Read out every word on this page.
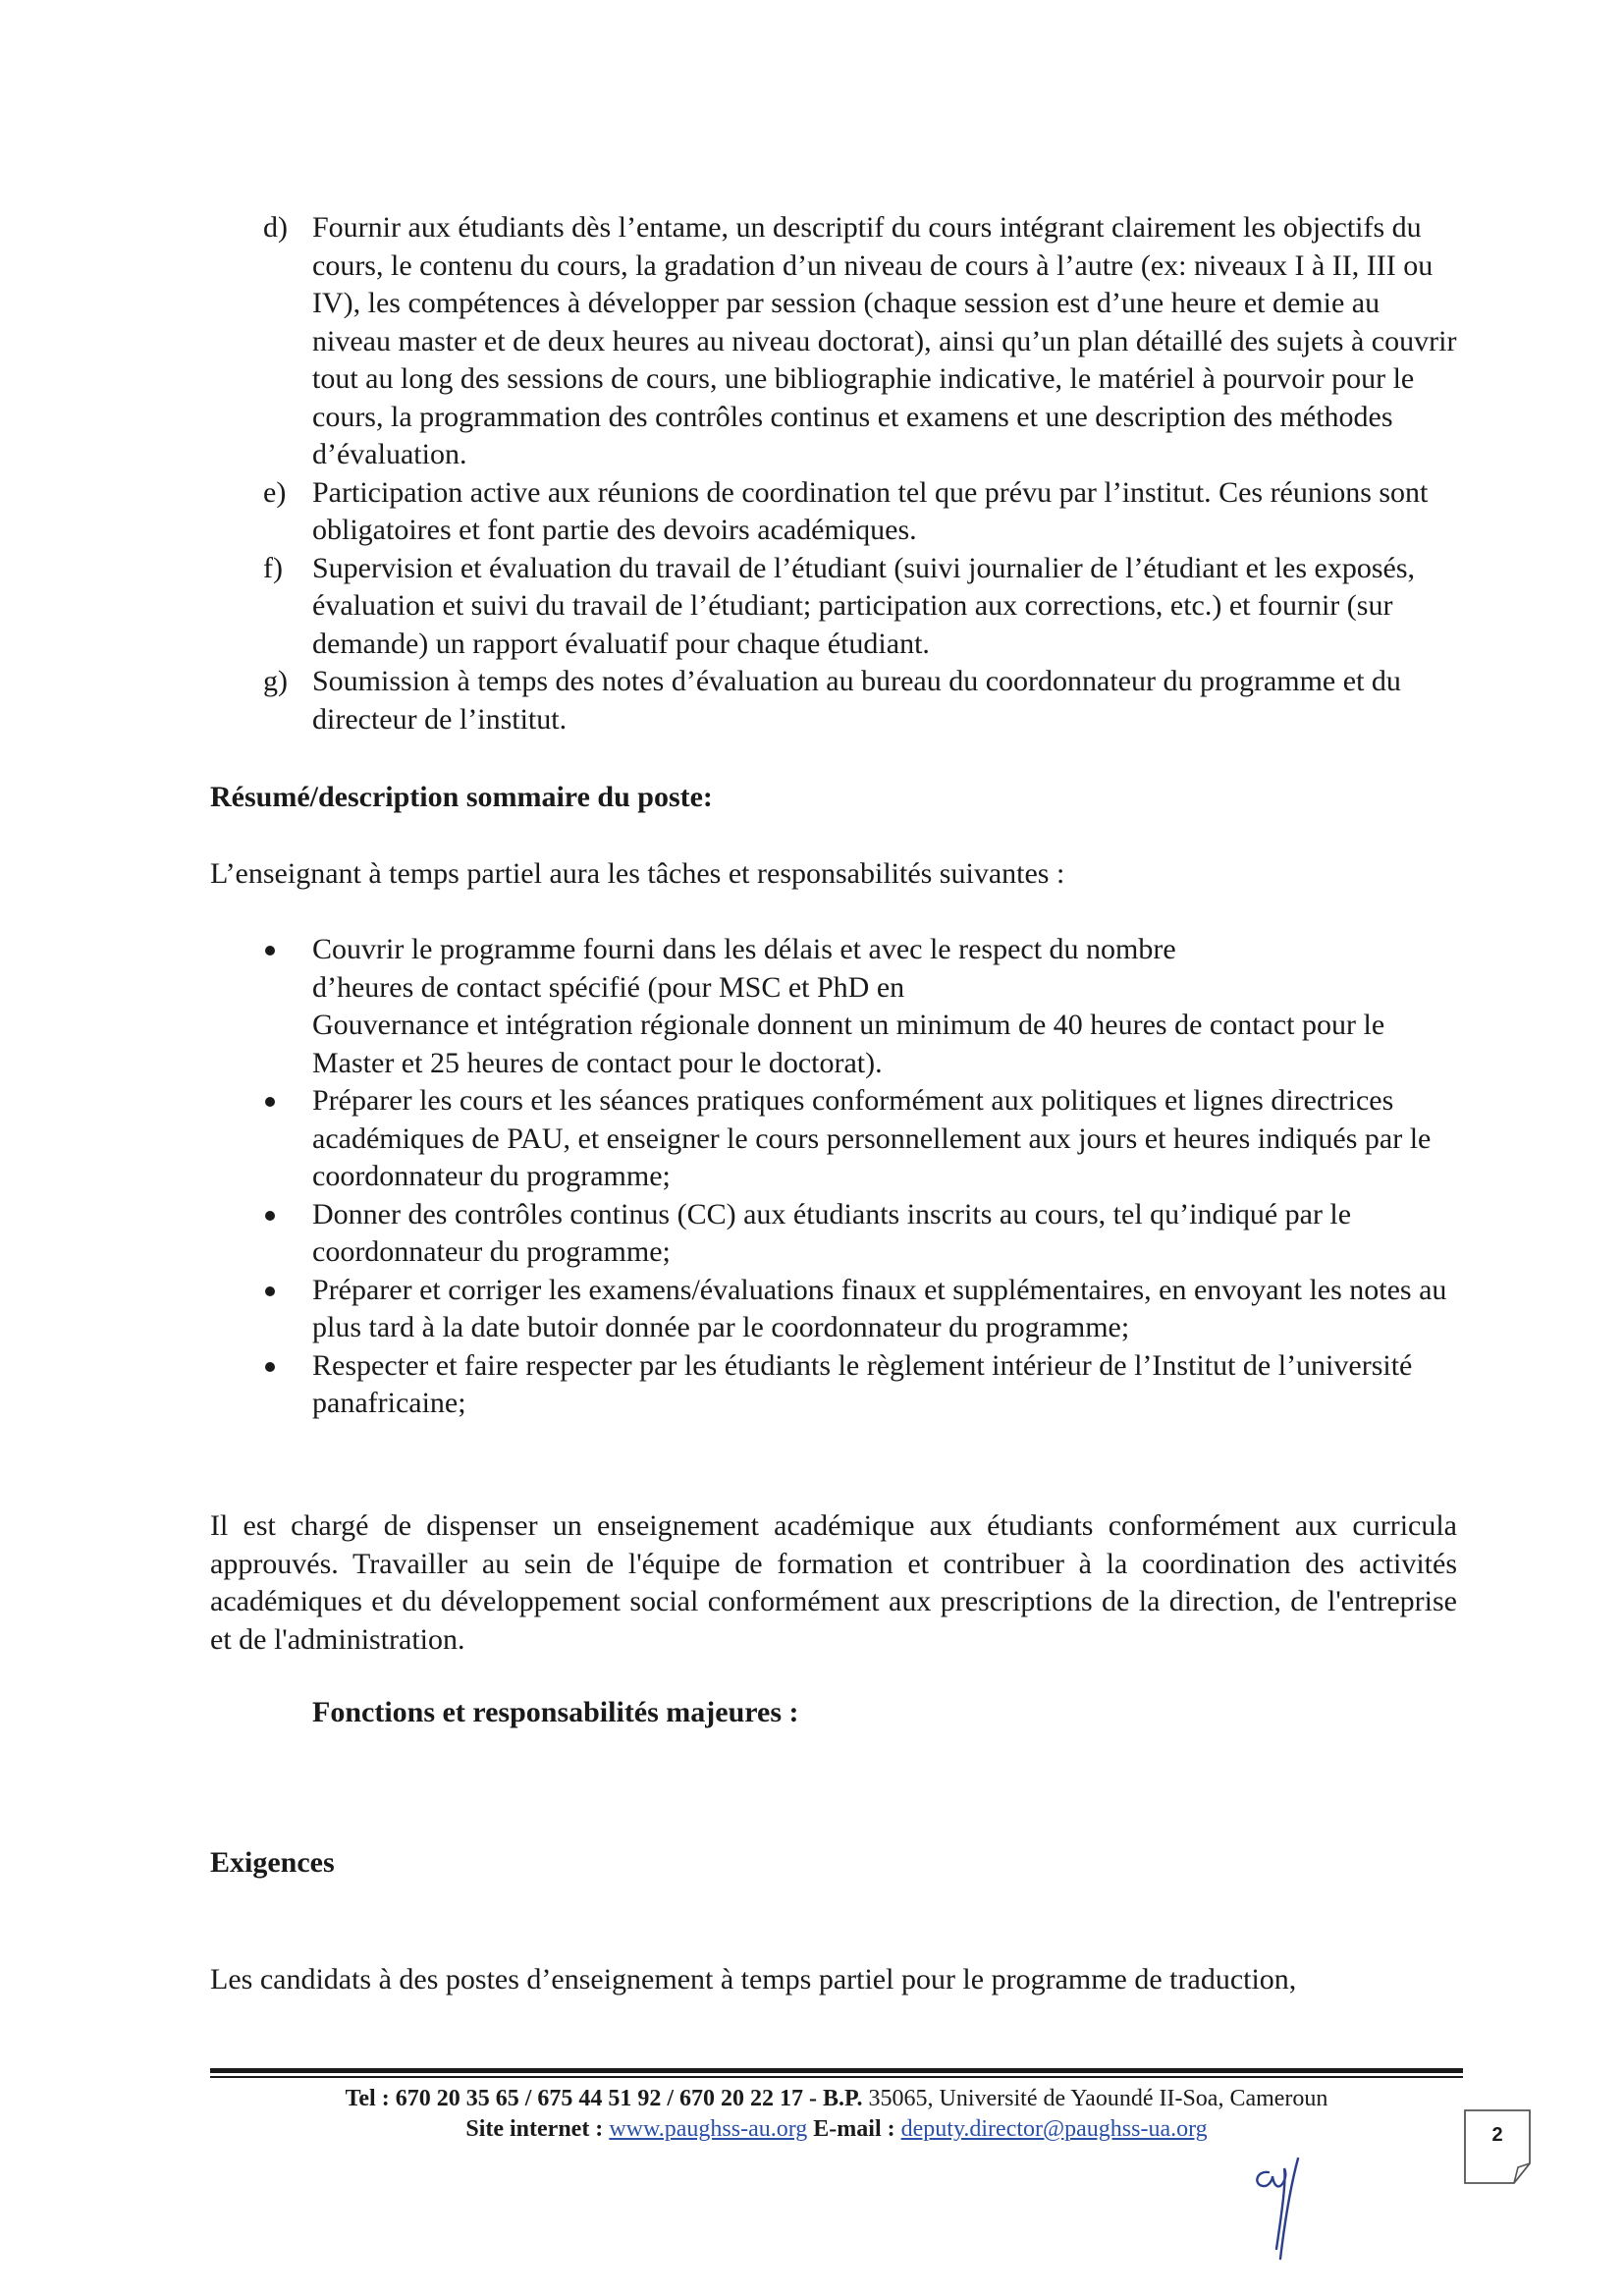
d) Fournir aux étudiants dès l’entame, un descriptif du cours intégrant clairement les objectifs du cours, le contenu du cours, la gradation d’un niveau de cours à l’autre (ex: niveaux I à II, III ou IV), les compétences à développer par session (chaque session est d’une heure et demie au niveau master et de deux heures au niveau doctorat), ainsi qu’un plan détaillé des sujets à couvrir tout au long des sessions de cours, une bibliographie indicative, le matériel à pourvoir pour le cours, la programmation des contrôles continus et examens et une description des méthodes d’évaluation.
e) Participation active aux réunions de coordination tel que prévu par l’institut. Ces réunions sont obligatoires et font partie des devoirs académiques.
f) Supervision et évaluation du travail de l’étudiant (suivi journalier de l’étudiant et les exposés, évaluation et suivi du travail de l’étudiant; participation aux corrections, etc.) et fournir (sur demande) un rapport évaluatif pour chaque étudiant.
g) Soumission à temps des notes d’évaluation au bureau du coordonnateur du programme et du directeur de l’institut.
Résumé/description sommaire du poste:
L’enseignant à temps partiel aura les tâches et responsabilités suivantes :
Couvrir le programme fourni dans les délais et avec le respect du nombre
d’heures de contact spécifié (pour MSC et PhD en
Gouvernance et intégration régionale donnent un minimum de 40 heures de contact pour le Master et 25 heures de contact pour le doctorat).
Préparer les cours et les séances pratiques conformément aux politiques et lignes directrices académiques de PAU, et enseigner le cours personnellement aux jours et heures indiqués par le coordonnateur du programme;
Donner des contrôles continus (CC) aux étudiants inscrits au cours, tel qu’indiqué par le coordonnateur du programme;
Préparer et corriger les examens/évaluations finaux et supplémentaires, en envoyant les notes au plus tard à la date butoir donnée par le coordonnateur du programme;
Respecter et faire respecter par les étudiants le règlement intérieur de l’Institut de l’université panafricaine;
Il est chargé de dispenser un enseignement académique aux étudiants conformément aux curricula approuvés. Travailler au sein de l'équipe de formation et contribuer à la coordination des activités académiques et du développement social conformément aux prescriptions de la direction, de l'entreprise et de l'administration.
Fonctions et responsabilités majeures :
Exigences
Les candidats à des postes d’enseignement à temps partiel pour le programme de traduction,
Tel : 670 20 35 65 / 675 44 51 92 / 670 20 22 17 - B.P. 35065, Université de Yaoundé II-Soa, Cameroun
Site internet : www.paughss-au.org E-mail : deputy.director@paughss-ua.org	2
